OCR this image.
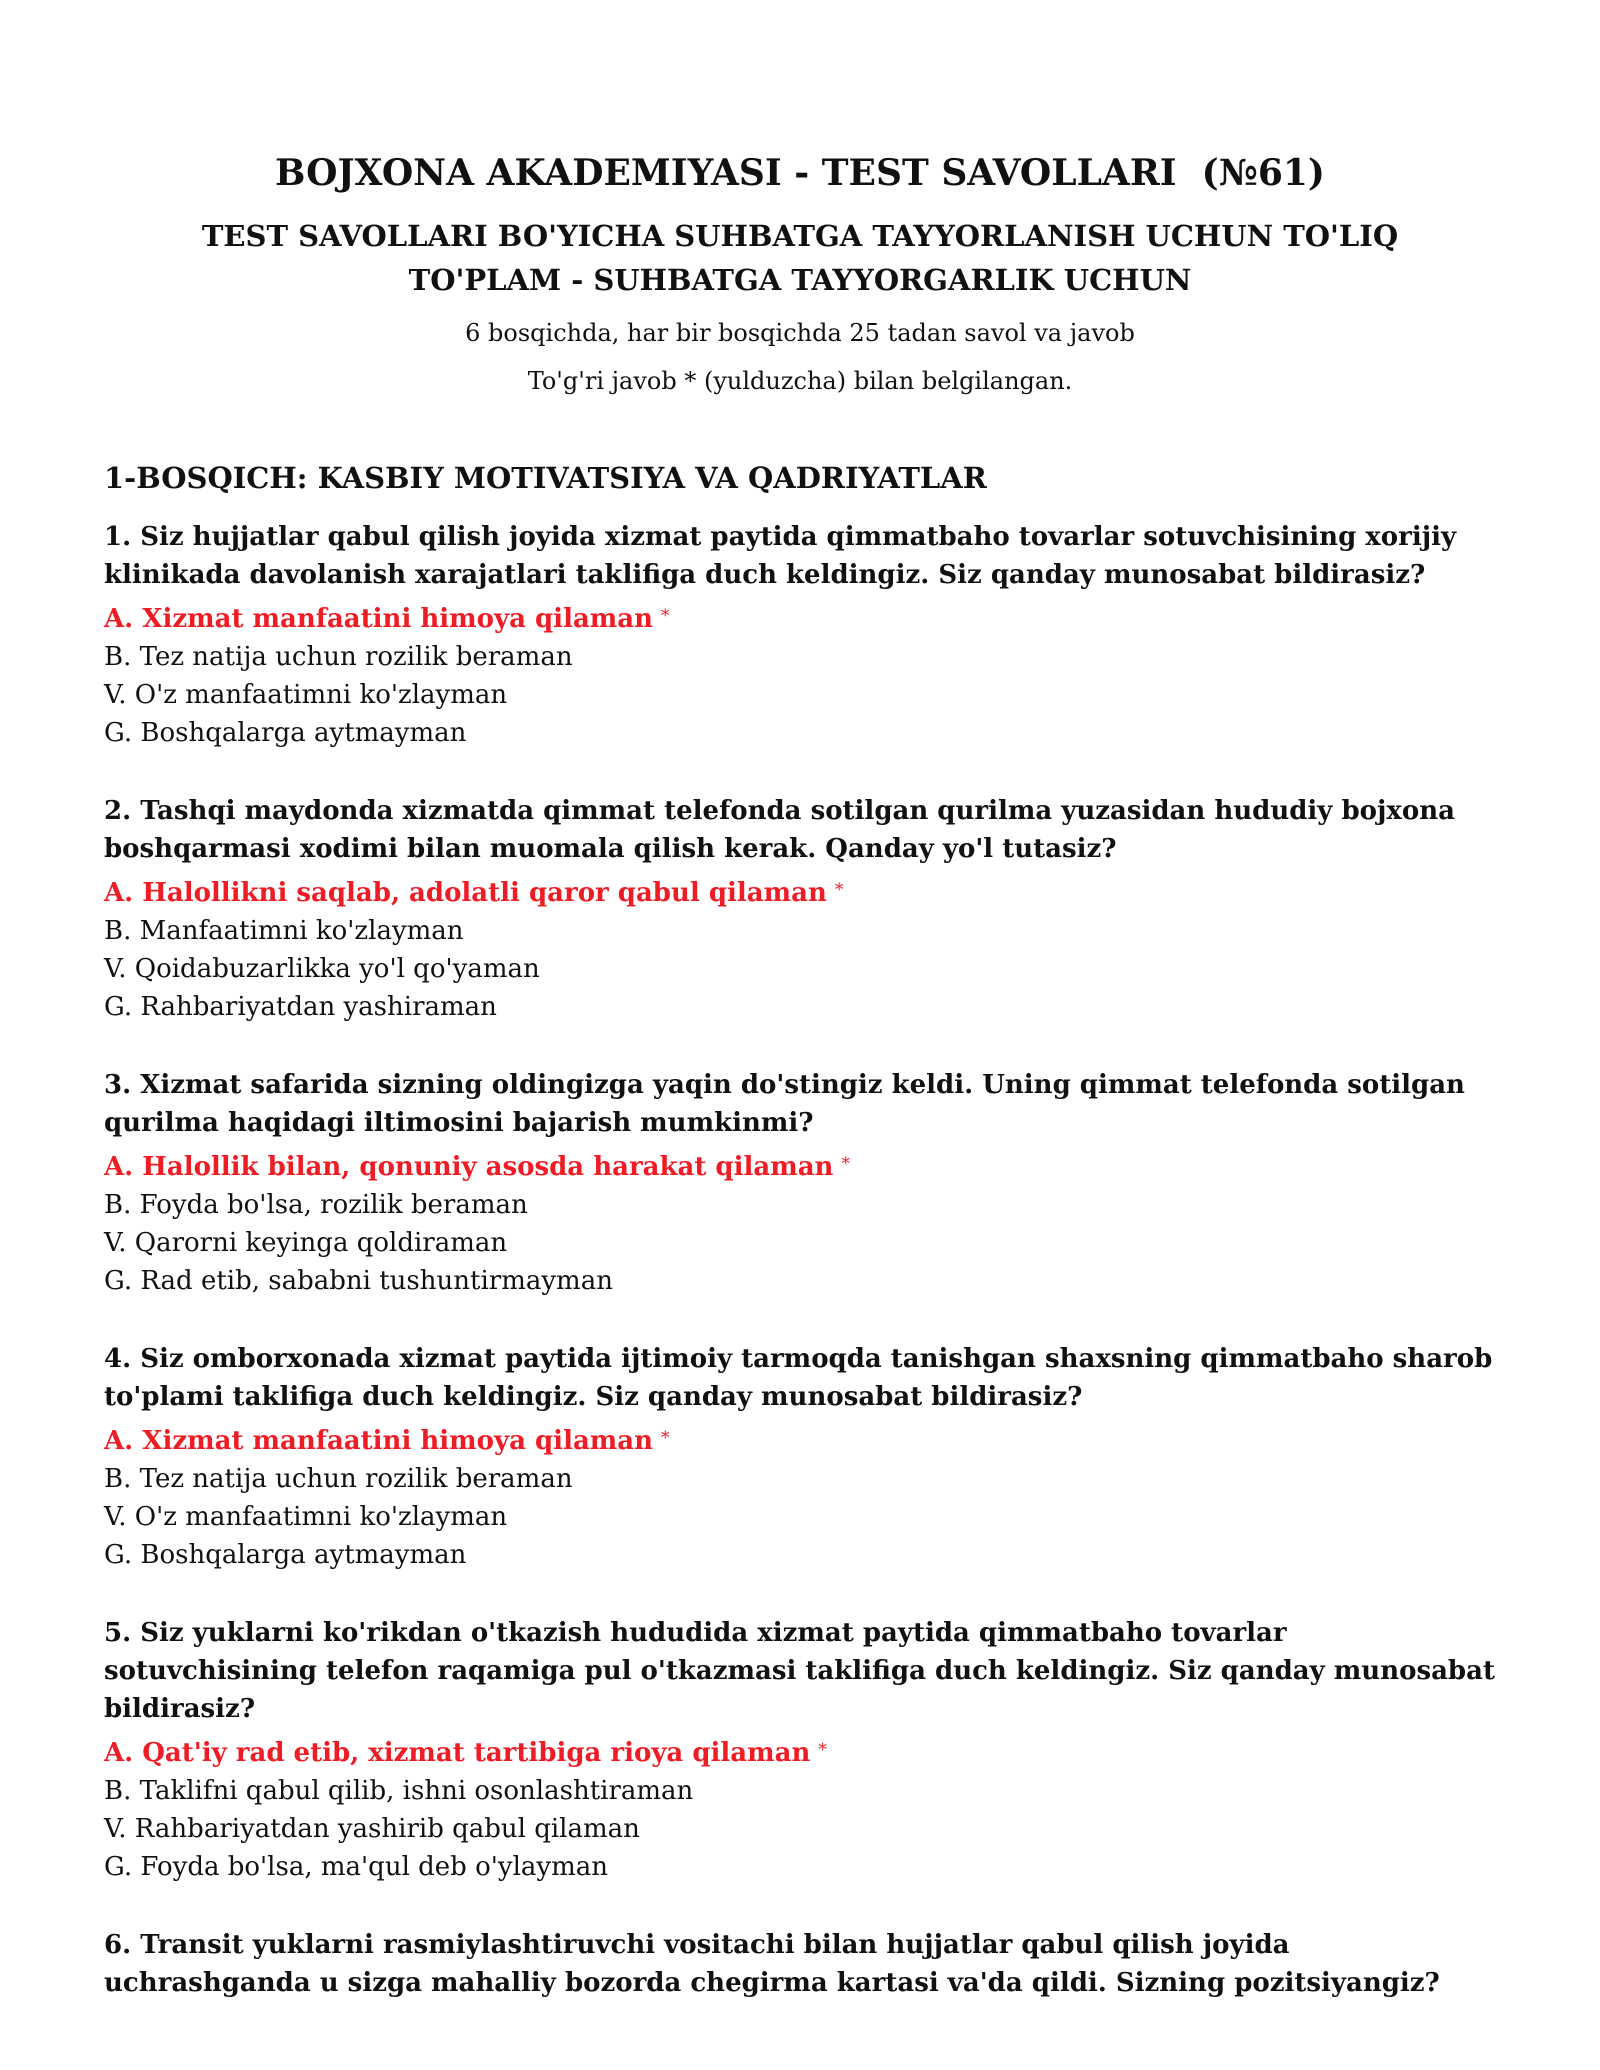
BOJXONA AKADEMIYASI - TEST SAVOLLARI  (№61)

TEST SAVOLLARI BO'YICHA SUHBATGA TAYYORLANISH UCHUN TO'LIQ TO'PLAM - SUHBATGA TAYYORGARLIK UCHUN

6 bosqichda, har bir bosqichda 25 tadan savol va javob

To'g'ri javob * (yulduzcha) bilan belgilangan.

1-BOSQICH: KASBIY MOTIVATSIYA VA QADRIYATLAR

1. Siz hujjatlar qabul qilish joyida xizmat paytida qimmatbaho tovarlar sotuvchisining xorijiy klinikada davolanish xarajatlari taklifiga duch keldingiz. Siz qanday munosabat bildirasiz?

A. Xizmat manfaatini himoya qilaman *

B. Tez natija uchun rozilik beraman

V. O'z manfaatimni ko'zlayman

G. Boshqalarga aytmayman

2. Tashqi maydonda xizmatda qimmat telefonda sotilgan qurilma yuzasidan hududiy bojxona boshqarmasi xodimi bilan muomala qilish kerak. Qanday yo'l tutasiz?

A. Halollikni saqlab, adolatli qaror qabul qilaman *

B. Manfaatimni ko'zlayman

V. Qoidabuzarlikka yo'l qo'yaman

G. Rahbariyatdan yashiraman

3. Xizmat safarida sizning oldingizga yaqin do'stingiz keldi. Uning qimmat telefonda sotilgan qurilma haqidagi iltimosini bajarish mumkinmi?

A. Halollik bilan, qonuniy asosda harakat qilaman *

B. Foyda bo'lsa, rozilik beraman

V. Qarorni keyinga qoldiraman

G. Rad etib, sababni tushuntirmayman

4. Siz omborxonada xizmat paytida ijtimoiy tarmoqda tanishgan shaxsning qimmatbaho sharob to'plami taklifiga duch keldingiz. Siz qanday munosabat bildirasiz?

A. Xizmat manfaatini himoya qilaman *

B. Tez natija uchun rozilik beraman

V. O'z manfaatimni ko'zlayman

G. Boshqalarga aytmayman

5. Siz yuklarni ko'rikdan o'tkazish hududida xizmat paytida qimmatbaho tovarlar sotuvchisining telefon raqamiga pul o'tkazmasi taklifiga duch keldingiz. Siz qanday munosabat bildirasiz?

A. Qat'iy rad etib, xizmat tartibiga rioya qilaman *

B. Taklifni qabul qilib, ishni osonlashtiraman

V. Rahbariyatdan yashirib qabul qilaman

G. Foyda bo'lsa, ma'qul deb o'ylayman

6. Transit yuklarni rasmiylashtiruvchi vositachi bilan hujjatlar qabul qilish joyida uchrashganda u sizga mahalliy bozorda chegirma kartasi va'da qildi. Sizning pozitsiyangiz?
